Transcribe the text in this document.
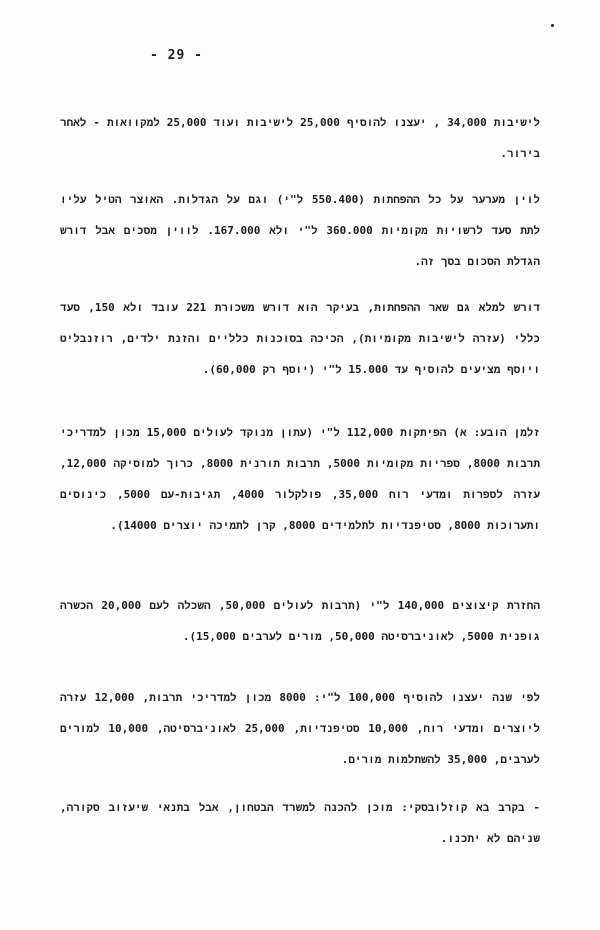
- 29 -

לישיבות 34,000 , יעצנו להוסיף 25,000 לישיבות ועוד 25,000 למקוואות - לאחר בירור.

לוין מערער על כל ההפחתות (550.400 ל"י) וגם על הגדלות. האוצר הטיל עליו לתת סעד לרשויות מקומיות 360.000 ל"י ולא 167.000. לווין מסכים אבל דורש הגדלת הסכום בסך זה.

דורש למלא גם שאר ההפחתות, בעיקר הוא דורש משכורת 221 עובד ולא 150, סעד כללי (עזרה לישיבות מקומיות), הכיכה בסוכנות כלליים והזנת ילדים, רוזנבליט ויוסף מציעים להוסיף עד 15.000 ל"י (יוסף רק 60,000).

זלמן הובע: א) הפיתקות 112,000 ל"י (עתון מנוקד לעולים 15,000 מכון למדריכי תרבות 8000, ספריות מקומיות 5000, תרבות תורנית 8000, כרוך למוסיקה 12,000, עזרה לספרות ומדעי רוח 35,000, פולקלור 4000, תגיבות-עם 5000, כינוסים ותערוכות 8000, סטיפנדיות לתלמידים 8000, קרן לתמיכה יוצרים 14000).

החזרת קיצוצים 140,000 ל"י (תרבות לעולים 50,000, השכלה לעם 20,000 הכשרה גופנית 5000, לאוניברסיטה 50,000, מורים לערבים 15,000).

לפי שנה יעצנו להוסיף 100,000 ל"י: 8000 מכון למדריכי תרבות, 12,000 עזרה ליוצרים ומדעי רוח, 10,000 סטיפנדיות, 25,000 לאוניברסיטה, 10,000 למורים לערבים, 35,000 להשתלמות מורים.

- בקרב בא קוזלובסקי: מוכן להכנה למשרד הבטחון, אבל בתנאי שיעזוב סקורה, שניהם לא יתכנו.
